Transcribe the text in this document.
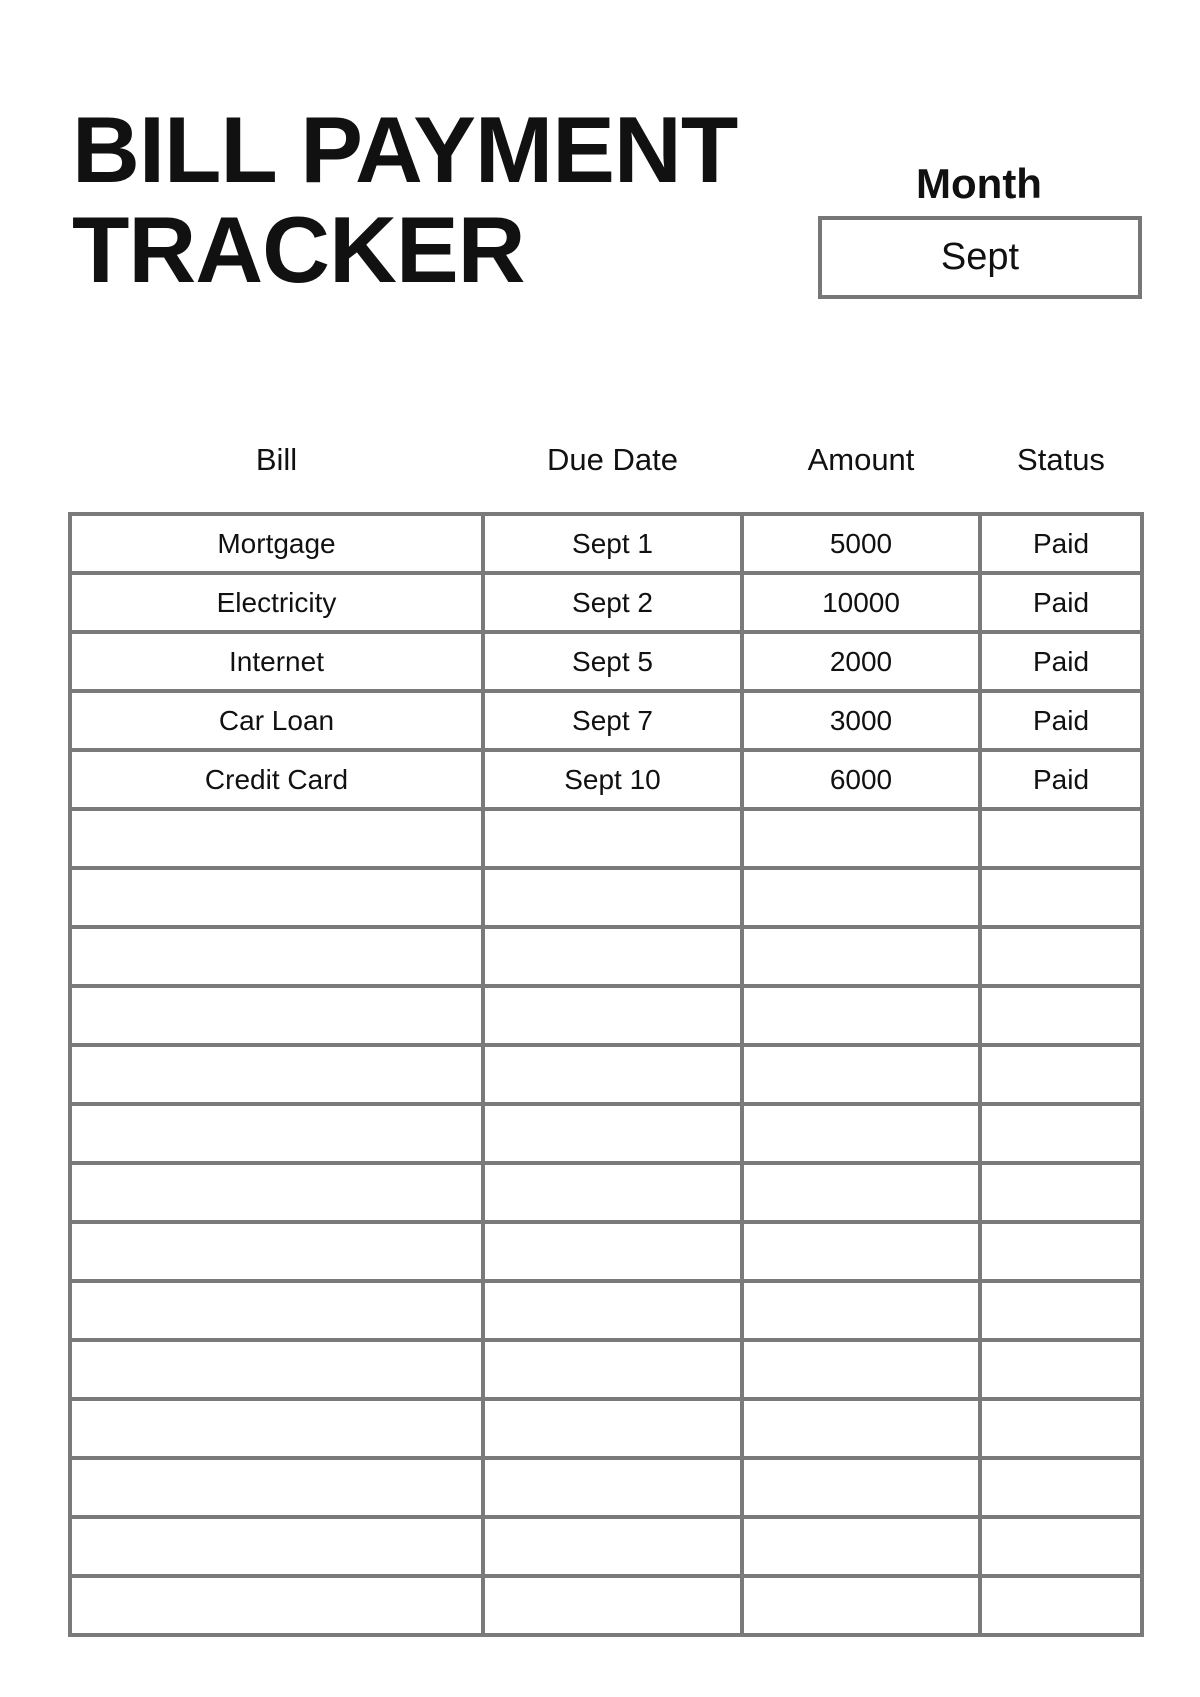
BILL PAYMENT
TRACKER
Month
Sept
Bill	Due Date	Amount	Status
Mortgage	Sept 1	5000	Paid
Electricity	Sept 2	10000	Paid
Internet	Sept 5	2000	Paid
Car Loan	Sept 7	3000	Paid
Credit Card	Sept 10	6000	Paid
